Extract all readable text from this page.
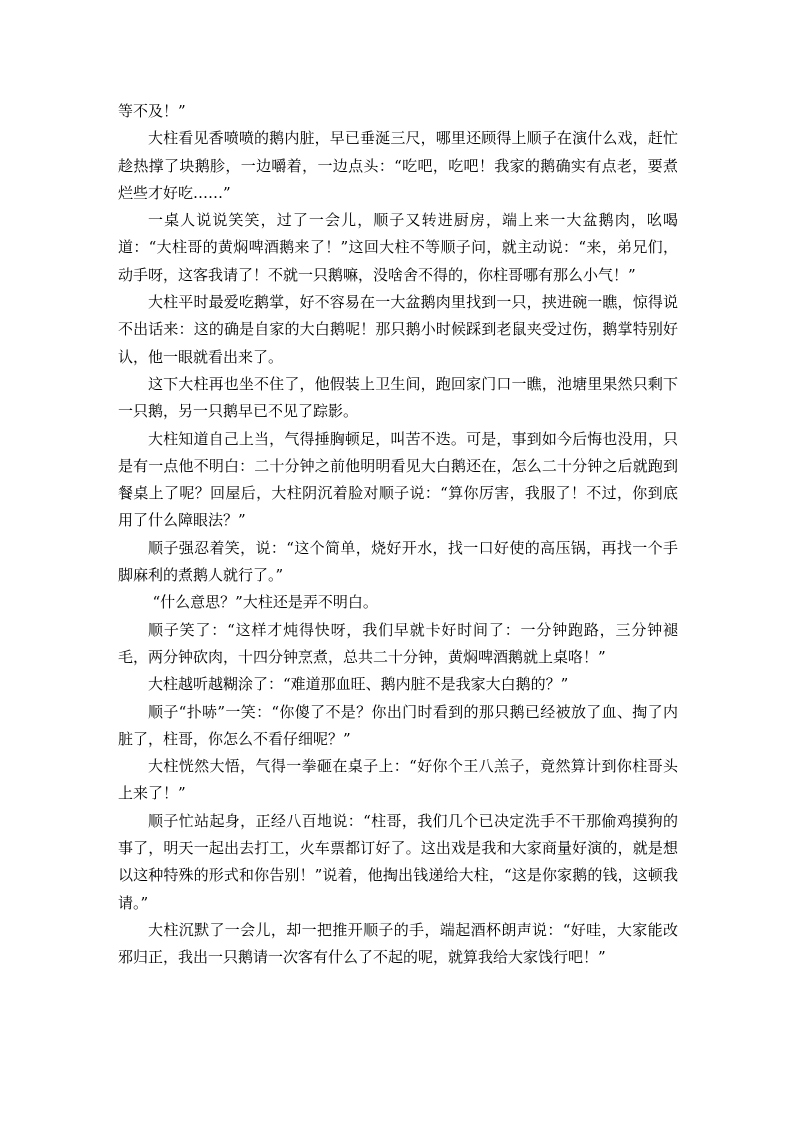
等不及！”

大柱看见香喷喷的鹅内脏，早已垂涎三尺，哪里还顾得上顺子在演什么戏，赶忙趁热撑了块鹅胗，一边嚼着，一边点头：“吃吧，吃吧！我家的鹅确实有点老，要煮烂些才好吃……”

一桌人说说笑笑，过了一会儿，顺子又转进厨房，端上来一大盆鹅肉，吆喝道：“大柱哥的黄焖啤酒鹅来了！”这回大柱不等顺子问，就主动说：“来，弟兄们，动手呀，这客我请了！不就一只鹅嘛，没啥舍不得的，你柱哥哪有那么小气！”

大柱平时最爱吃鹅掌，好不容易在一大盆鹅肉里找到一只，挟进碗一瞧，惊得说不出话来：这的确是自家的大白鹅呢！那只鹅小时候踩到老鼠夹受过伤，鹅掌特别好认，他一眼就看出来了。

这下大柱再也坐不住了，他假装上卫生间，跑回家门口一瞧，池塘里果然只剩下一只鹅，另一只鹅早已不见了踪影。

大柱知道自己上当，气得捶胸顿足，叫苦不迭。可是，事到如今后悔也没用，只是有一点他不明白：二十分钟之前他明明看见大白鹅还在，怎么二十分钟之后就跑到餐桌上了呢？回屋后，大柱阴沉着脸对顺子说：“算你厉害，我服了！不过，你到底用了什么障眼法？”

顺子强忍着笑，说：“这个简单，烧好开水，找一口好使的高压锅，再找一个手脚麻利的煮鹅人就行了。”

“什么意思？”大柱还是弄不明白。

顺子笑了：“这样才炖得快呀，我们早就卡好时间了：一分钟跑路，三分钟褪毛，两分钟砍肉，十四分钟烹煮，总共二十分钟，黄焖啤酒鹅就上桌咯！”

大柱越听越糊涂了：“难道那血旺、鹅内脏不是我家大白鹅的？”

顺子“扑哧”一笑：“你傻了不是？你出门时看到的那只鹅已经被放了血、掏了内脏了，柱哥，你怎么不看仔细呢？”

大柱恍然大悟，气得一拳砸在桌子上：“好你个王八羔子，竟然算计到你柱哥头上来了！”

顺子忙站起身，正经八百地说：“柱哥，我们几个已决定洗手不干那偷鸡摸狗的事了，明天一起出去打工，火车票都订好了。这出戏是我和大家商量好演的，就是想以这种特殊的形式和你告别！”说着，他掏出钱递给大柱，“这是你家鹅的钱，这顿我请。”

大柱沉默了一会儿，却一把推开顺子的手，端起酒杯朗声说：“好哇，大家能改邪归正，我出一只鹅请一次客有什么了不起的呢，就算我给大家饯行吧！”
